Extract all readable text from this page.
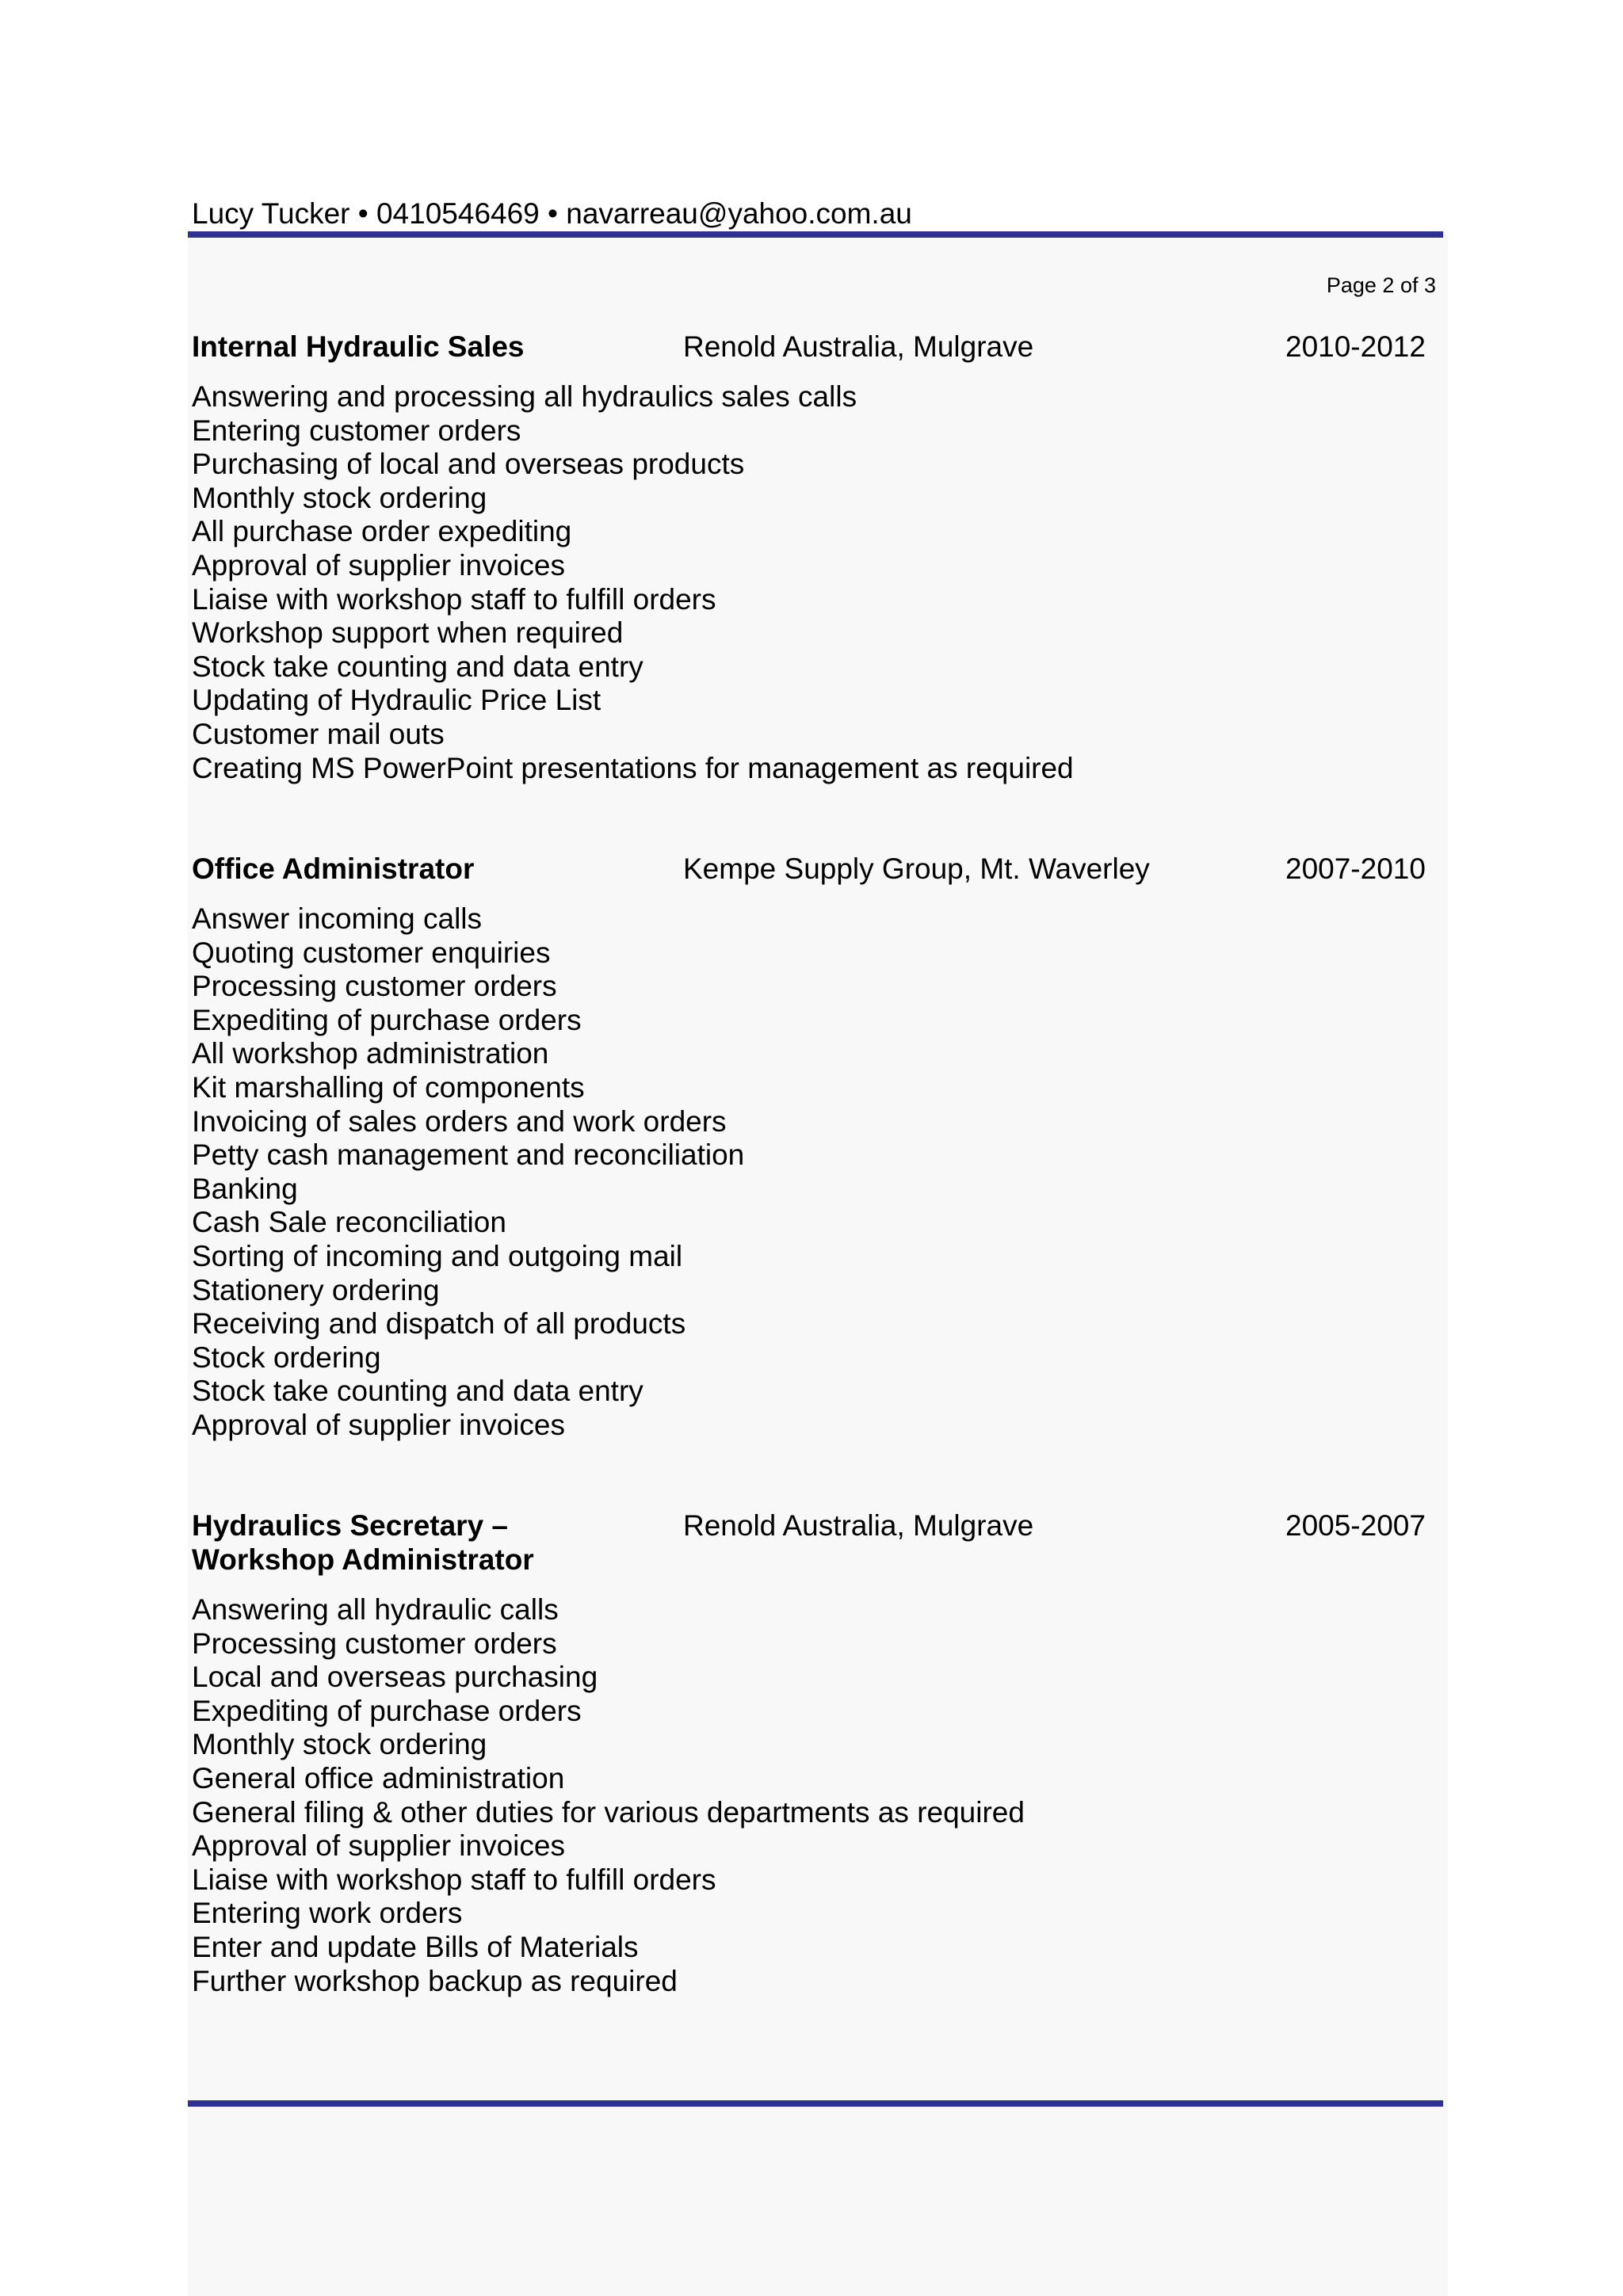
Lucy Tucker • 0410546469 • navarreau@yahoo.com.au
Page 2 of 3
Internal Hydraulic Sales	Renold Australia, Mulgrave	2010-2012
Answering and processing all hydraulics sales calls
Entering customer orders
Purchasing of local and overseas products
Monthly stock ordering
All purchase order expediting
Approval of supplier invoices
Liaise with workshop staff to fulfill orders
Workshop support when required
Stock take counting and data entry
Updating of Hydraulic Price List
Customer mail outs
Creating MS PowerPoint presentations for management as required
Office Administrator	Kempe Supply Group, Mt. Waverley	2007-2010
Answer incoming calls
Quoting customer enquiries
Processing customer orders
Expediting of purchase orders
All workshop administration
Kit marshalling of components
Invoicing of sales orders and work orders
Petty cash management and reconciliation
Banking
Cash Sale reconciliation
Sorting of incoming and outgoing mail
Stationery ordering
Receiving and dispatch of all products
Stock ordering
Stock take counting and data entry
Approval of supplier invoices
Hydraulics Secretary –
Workshop Administrator
Renold Australia, Mulgrave	2005-2007
Answering all hydraulic calls
Processing customer orders
Local and overseas purchasing
Expediting of purchase orders
Monthly stock ordering
General office administration
General filing & other duties for various departments as required
Approval of supplier invoices
Liaise with workshop staff to fulfill orders
Entering work orders
Enter and update Bills of Materials
Further workshop backup as required
